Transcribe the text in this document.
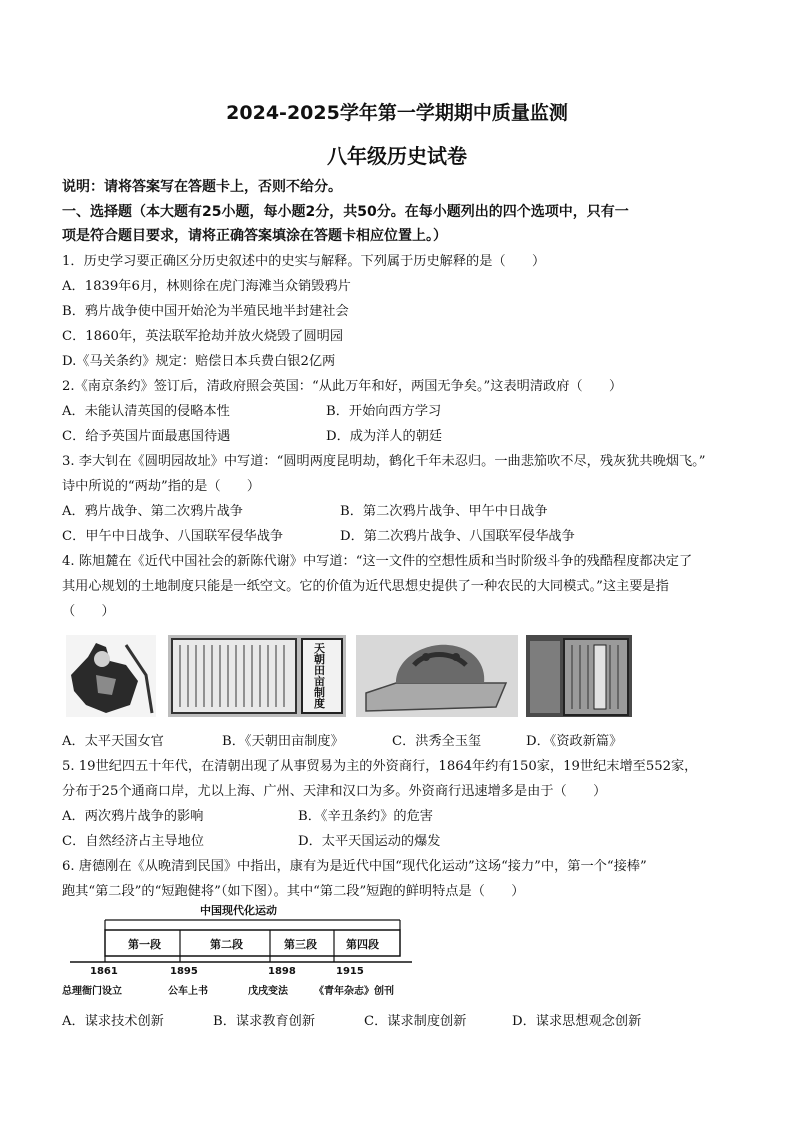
2024-2025学年第一学期期中质量监测
八年级历史试卷
说明：请将答案写在答题卡上，否则不给分。
一、选择题（本大题有25小题，每小题2分，共50分。在每小题列出的四个选项中，只有一
项是符合题目要求，请将正确答案填涂在答题卡相应位置上。）
1．历史学习要正确区分历史叙述中的史实与解释。下列属于历史解释的是（　　）
A．1839年6月，林则徐在虎门海滩当众销毁鸦片
B．鸦片战争使中国开始沦为半殖民地半封建社会
C．1860年，英法联军抢劫并放火烧毁了圆明园
D.《马关条约》规定：赔偿日本兵费白银2亿两
2.《南京条约》签订后，清政府照会英国：“从此万年和好，两国无争矣。”这表明清政府（　　）
A．未能认清英国的侵略本性	B．开始向西方学习
C．给予英国片面最惠国待遇	D．成为洋人的朝廷
3. 李大钊在《圆明园故址》中写道：“圆明两度昆明劫，鹤化千年未忍归。一曲悲笳吹不尽，残灰犹共晚烟飞。”
诗中所说的“两劫”指的是（　　）
A．鸦片战争、第二次鸦片战争	B．第二次鸦片战争、甲午中日战争
C．甲午中日战争、八国联军侵华战争	D．第二次鸦片战争、八国联军侵华战争
4. 陈旭麓在《近代中国社会的新陈代谢》中写道：“这一文件的空想性质和当时阶级斗争的残酷程度都决定了
其用心规划的土地制度只能是一纸空文。它的价值为近代思想史提供了一种农民的大同模式。”这主要是指
（　　）
天朝田亩制度
A．太平天国女官	B．《天朝田亩制度》	C．洪秀全玉玺	D．《资政新篇》
5. 19世纪四五十年代，在清朝出现了从事贸易为主的外资商行，1864年约有150家，19世纪末增至552家，
分布于25个通商口岸，尤以上海、广州、天津和汉口为多。外资商行迅速增多是由于（　　）
A．两次鸦片战争的影响	B．《辛丑条约》的危害
C．自然经济占主导地位	D．太平天国运动的爆发
6. 唐德刚在《从晚清到民国》中指出，康有为是近代中国“现代化运动”这场“接力”中，第一个“接棒”
跑其“第二段”的“短跑健将”（如下图）。其中“第二段”短跑的鲜明特点是（　　）
中国现代化运动
第一段	第二段	第三段	第四段
1861	1895	1898	1915
总理衙门设立	公车上书	戊戌变法	《青年杂志》创刊
A．谋求技术创新	B．谋求教育创新	C．谋求制度创新	D．谋求思想观念创新
